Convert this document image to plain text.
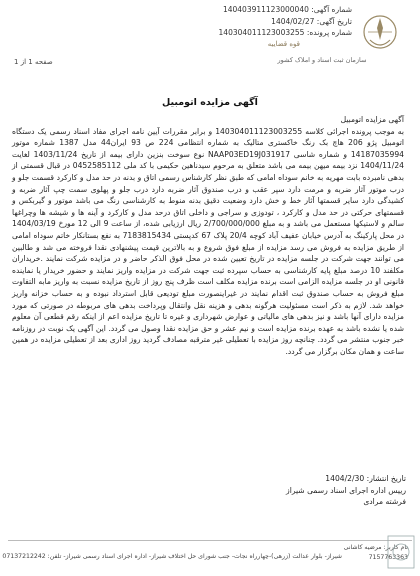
شماره آگهی: 140403911123000040
تاریخ آگهی: 1404/02/27
شماره پرونده: 140304011123003255
قوه قضاییه
سازمان ثبت اسناد و املاک کشور
صفحه 1 از 1
آگهی مزایده اتومبیل

آگهی مزایده اتومبیل

به موجب پرونده اجرائی کلاسه 140304011123003255 و برابر مقررات آیین نامه اجرای مفاد اسناد رسمی یک دستگاه اتومبیل پژو 206 هاچ بک رنگ خاکستری متالیک به شماره انتظامی 224 ص 93 ایران44 مدل 1387 شماره موتور 14187035994 و شماره شاسی NAAP03ED19J031917 نوع سوخت بنزین دارای بیمه از تاریخ 1403/11/24 لغایت 1404/11/24 نزد بیمه میهن بیمه می باشد متعلق به مرحوم سیدناهین حکیمی با کد ملی 0452585112 در قبال قسمتی از بدهی نامبرده بابت مهریه به خانم سوداه امامی که طبق نظر کارشناس رسمی اتاق و بدنه در حد مدل و کارکرد قسمت جلو و درب موتور آثار ضربه و مرمت دارد سپر عقب و درب صندوق آثار ضربه دارد درب جلو و پهلوی سمت چپ آثار ضربه و کشیدگی دارد سایر قسمتها آثار خط و خش دارد وضعیت دقیق بدنه منوط به کارشناسی رنگ می باشد موتور و گیربکس و قسمتهای حرکتی در حد مدل و کارکرد ، تودوزی و سراجی و داخلی اتاق درحد مدل و کارکرد و آینه ها و شیشه ها وچراغها سالم و لاستیکها مستعمل می باشد و به مبلغ 2/700/000/000 ریال ارزیابی شده، از ساعت 9 الی 12 مورخ 1404/03/19 در محل پارکینگ به آدرس خیابان عفیف آباد کوچه 20/4 پلاک 67 کدپستی 7183815434 به نفع بستانکار خاتم سوداه امامی از طریق مزایده به فروش می رسد مزایده از مبلغ فوق شروع و به بالاترین قیمت پیشنهادی نقدا فروخته می شد و طالبین می توانند جهت شرکت در جلسه مزایده در تاریخ تعیین شده در محل فوق الذکر حاضر و در مزایده شرکت نمایند .خریداران مکلفند 10 درصد مبلغ پایه کارشناسی به حساب سپرده ثبت جهت شرکت در مزایده واریز نمایند و حضور خریدار یا نماینده قانونی او در جلسه مزایده الزامی است برنده مزایده مکلف است ظرف پنج روز از تاریخ مزایده نسبت به واریز مابه التفاوت مبلغ فروش به حساب صندوق ثبت اقدام نمایند در غیراینصورت مبلغ تودیعی قابل استرداد نبوده و به حساب خزانه واریز خواهد شد. لازم به ذکر است مسئولیت هرگونه بدهی و هزینه نقل وانتقال وپرداخت بدهی های مربوطه در صورتی که مورد مزایده دارای آنها باشد و نیز بدهی های مالیاتی و عوارض شهرداری و غیره تا تاریخ مزایده اعم از اینکه رقم قطعی آن معلوم شده یا نشده باشد به عهده برنده مزایده است و نیم عشر و حق مزایده نقدا وصول می گردد. این آگهی یک نوبت در روزنامه خبر جنوب منتشر می گردد. چنانچه روز مزایده با تعطیلی غیر مترقبه مصادف گردید روز اداری بعد از تعطیلی مزایده در همین ساعت و همان مکان برگزار می گردد.

تاریخ انتشار: 1404/2/30
رییس اداره اجرای اسناد رسمی شیراز
فرشته مرادی
نام کاربر: مرضیه کاشانی
7157763363
شیراز- بلوار عدالت (زرهی)-چهارراه نجات- جنب شورای حل اختلاف شیراز- اداره اجرای اسناد رسمی شیراز- تلفن: 07137212242
